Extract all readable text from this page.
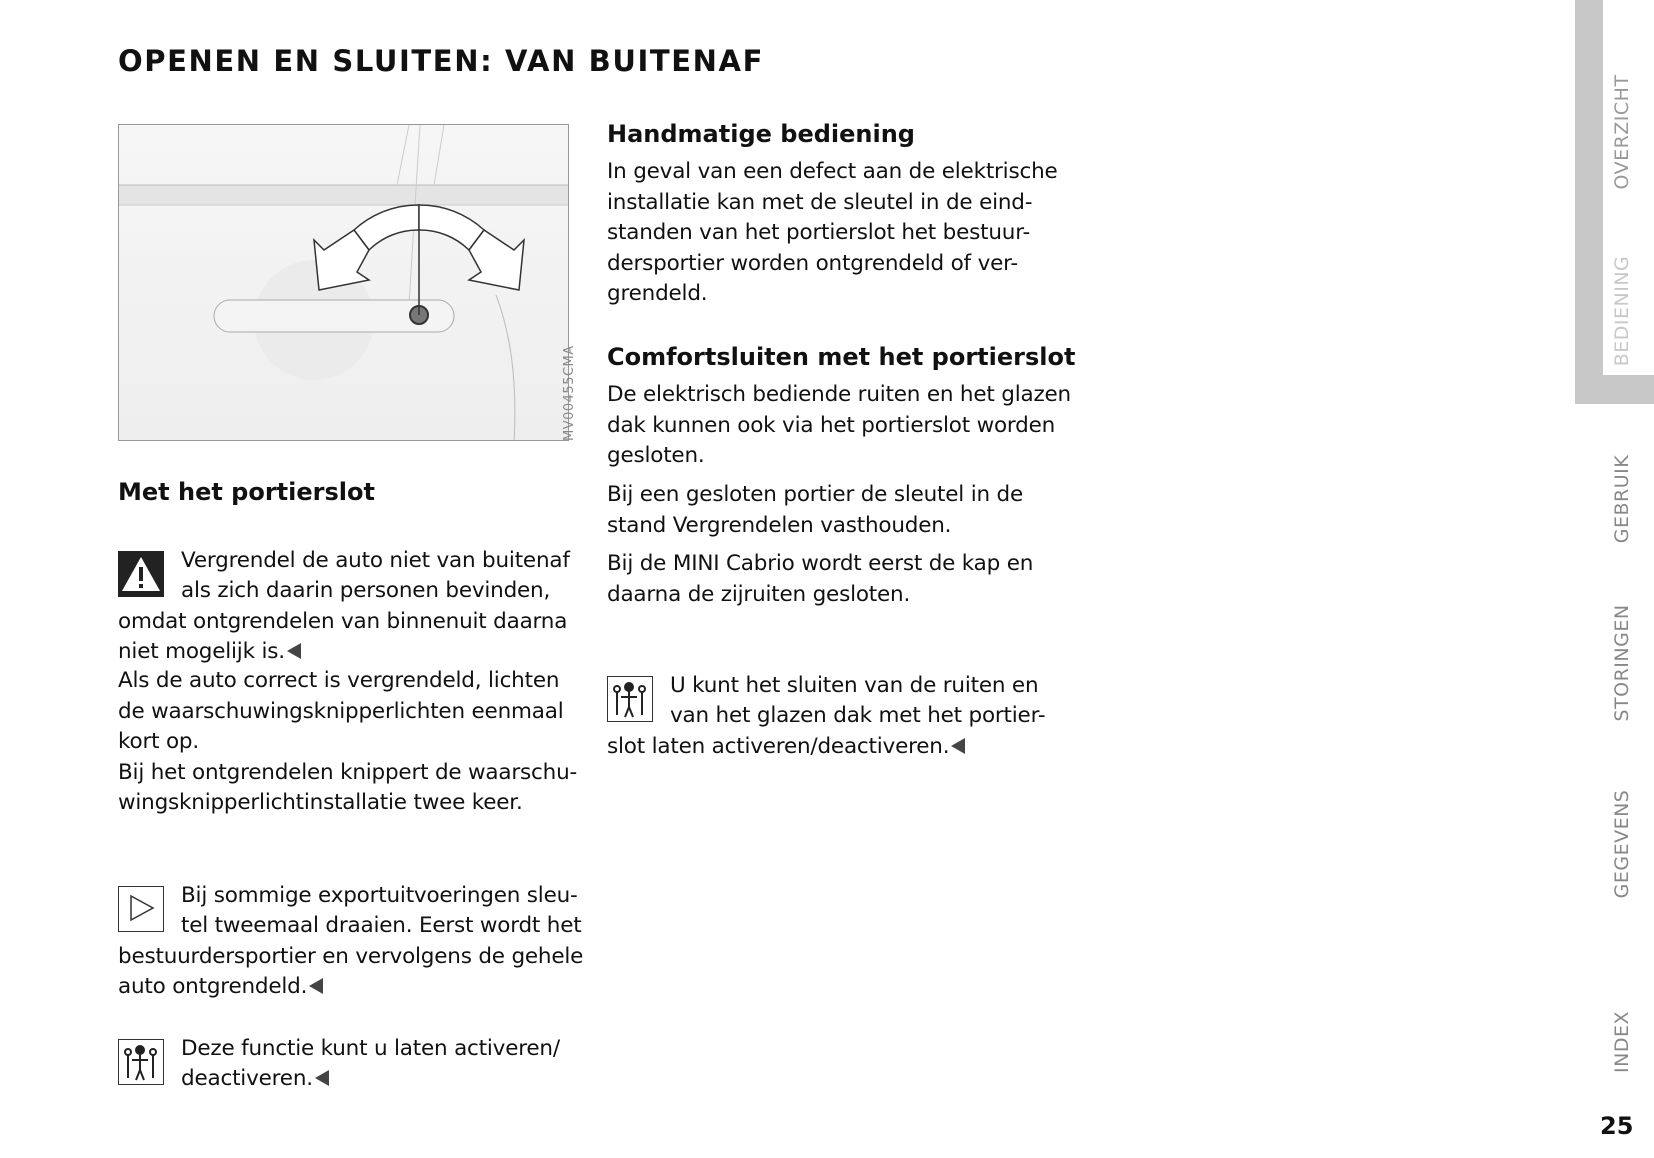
OPENEN EN SLUITEN: VAN BUITENAF
MV00455CMA
Met het portierslot

Vergrendel de auto niet van buitenaf
als zich daarin personen bevinden,
omdat ontgrendelen van binnenuit daarna
niet mogelijk is.

Als de auto correct is vergrendeld, lichten
de waarschuwingsknipperlichten eenmaal
kort op.
Bij het ontgrendelen knippert de waarschu-
wingsknipperlichtinstallatie twee keer.

Bij sommige exportuitvoeringen sleu-
tel tweemaal draaien. Eerst wordt het
bestuurdersportier en vervolgens de gehele
auto ontgrendeld.

Deze functie kunt u laten activeren/
deactiveren.

Handmatige bediening
In geval van een defect aan de elektrische
installatie kan met de sleutel in de eind-
standen van het portierslot het bestuur-
dersportier worden ontgrendeld of ver-
grendeld.
Comfortsluiten met het portierslot
De elektrisch bediende ruiten en het glazen
dak kunnen ook via het portierslot worden
gesloten.
Bij een gesloten portier de sleutel in de
stand Vergrendelen vasthouden.
Bij de MINI Cabrio wordt eerst de kap en
daarna de zijruiten gesloten.

U kunt het sluiten van de ruiten en
van het glazen dak met het portier-
slot laten activeren/deactiveren.

OVERZICHT
BEDIENING
GEBRUIK
STORINGEN
GEGEVENS
INDEX
25
